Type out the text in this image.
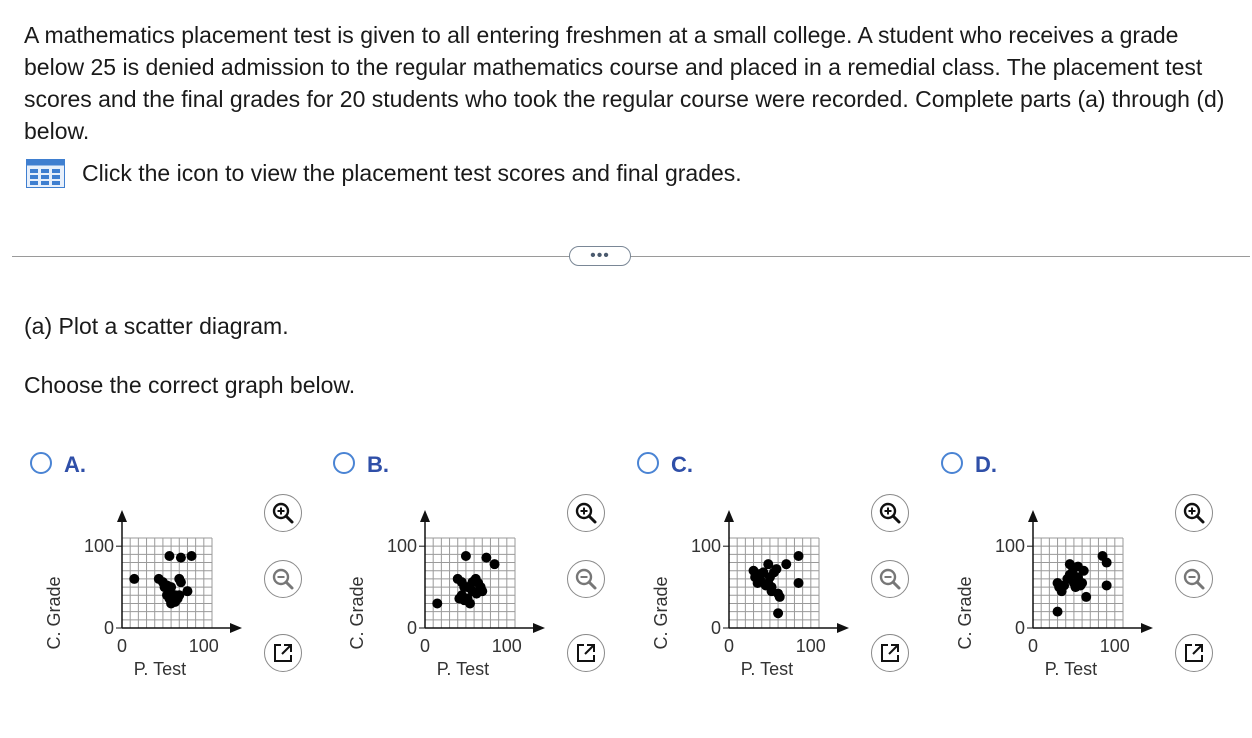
A mathematics placement test is given to all entering freshmen at a small college. A student who receives a grade below 25 is denied admission to the regular mathematics course and placed in a remedial class. The placement test scores and the final grades for 20 students who took the regular course were recorded. Complete parts (a) through (d) below.

Click the icon to view the placement test scores and final grades.
•••
(a) Plot a scatter diagram.
Choose the correct graph below.
A.
0
100
0	100
P. Test
C. Grade
B.
0
100
0	100
P. Test
C. Grade
C.
0
100
0	100
P. Test
C. Grade
D.
0
100
0	100
P. Test
C. Grade
